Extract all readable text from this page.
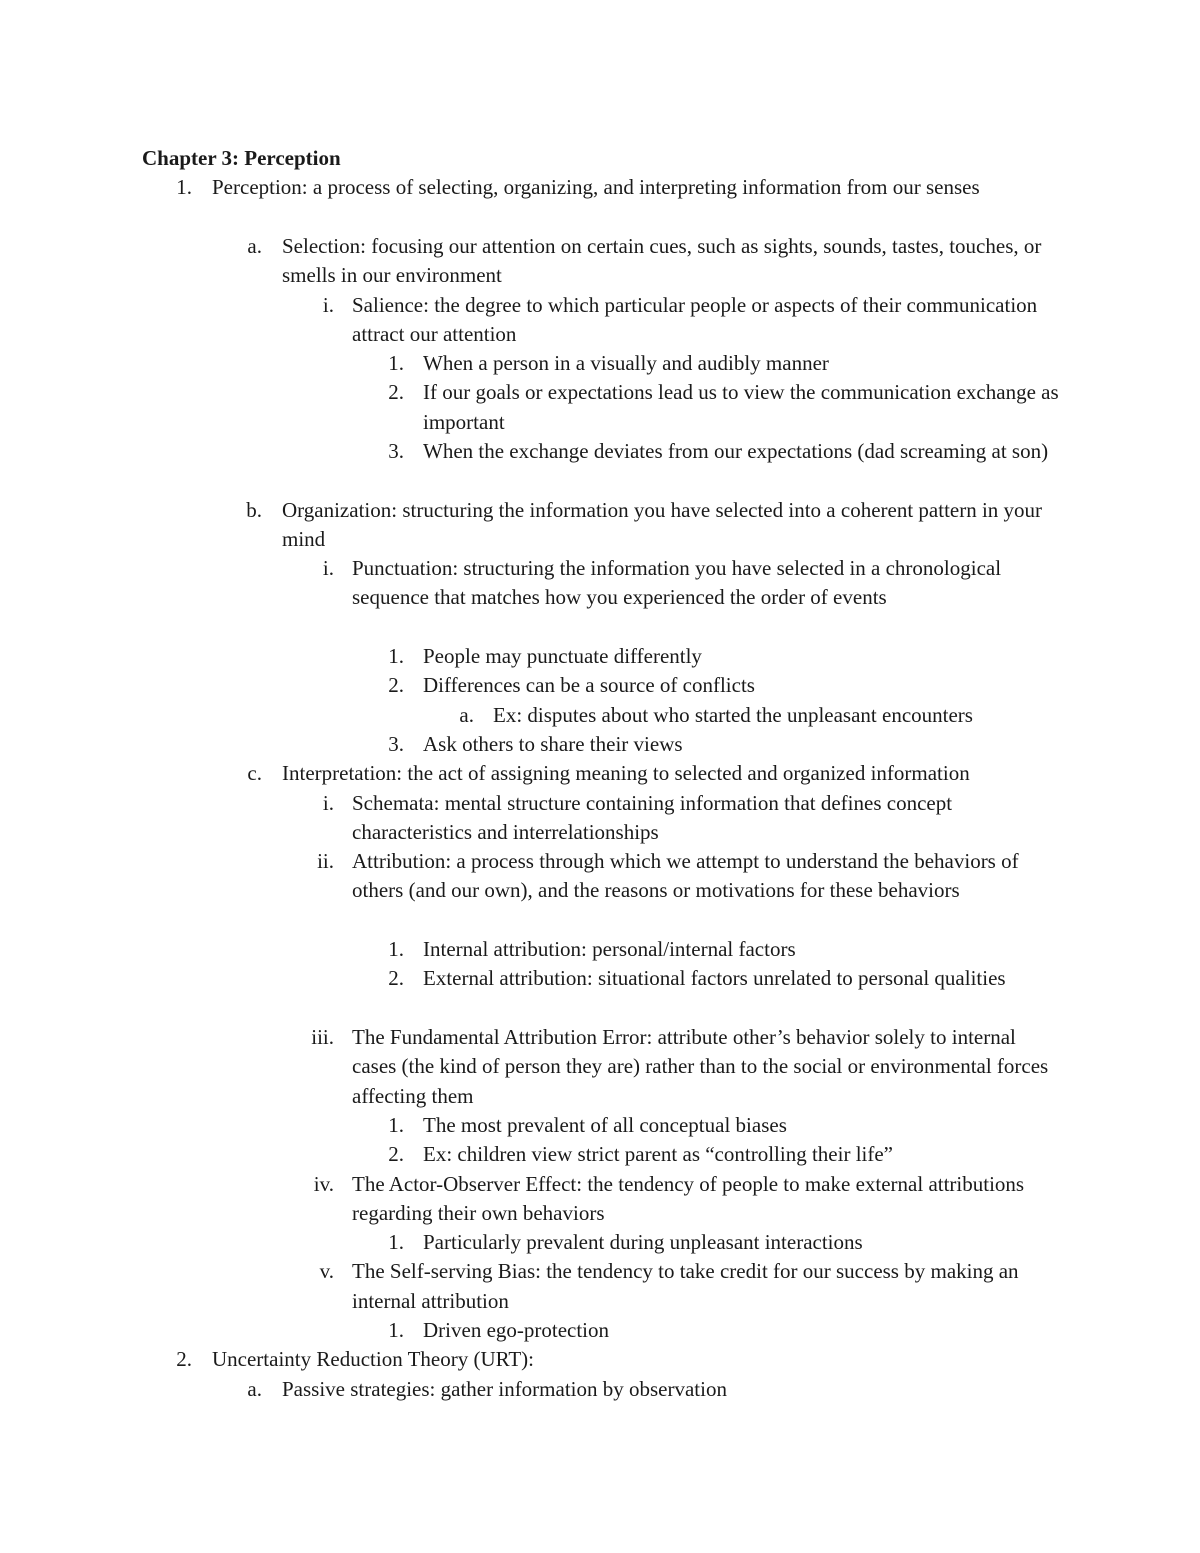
Chapter 3: Perception
1. Perception: a process of selecting, organizing, and interpreting information from our senses
a. Selection: focusing our attention on certain cues, such as sights, sounds, tastes, touches, or smells in our environment
i. Salience: the degree to which particular people or aspects of their communication attract our attention
1. When a person in a visually and audibly manner
2. If our goals or expectations lead us to view the communication exchange as important
3. When the exchange deviates from our expectations (dad screaming at son)
b. Organization: structuring the information you have selected into a coherent pattern in your mind
i. Punctuation: structuring the information you have selected in a chronological sequence that matches how you experienced the order of events
1. People may punctuate differently
2. Differences can be a source of conflicts
a. Ex: disputes about who started the unpleasant encounters
3. Ask others to share their views
c. Interpretation: the act of assigning meaning to selected and organized information
i. Schemata: mental structure containing information that defines concept characteristics and interrelationships
ii. Attribution: a process through which we attempt to understand the behaviors of others (and our own), and the reasons or motivations for these behaviors
1. Internal attribution: personal/internal factors
2. External attribution: situational factors unrelated to personal qualities
iii. The Fundamental Attribution Error: attribute other’s behavior solely to internal cases (the kind of person they are) rather than to the social or environmental forces affecting them
1. The most prevalent of all conceptual biases
2. Ex: children view strict parent as “controlling their life”
iv. The Actor-Observer Effect: the tendency of people to make external attributions regarding their own behaviors
1. Particularly prevalent during unpleasant interactions
v. The Self-serving Bias: the tendency to take credit for our success by making an internal attribution
1. Driven ego-protection
2. Uncertainty Reduction Theory (URT):
a. Passive strategies: gather information by observation
